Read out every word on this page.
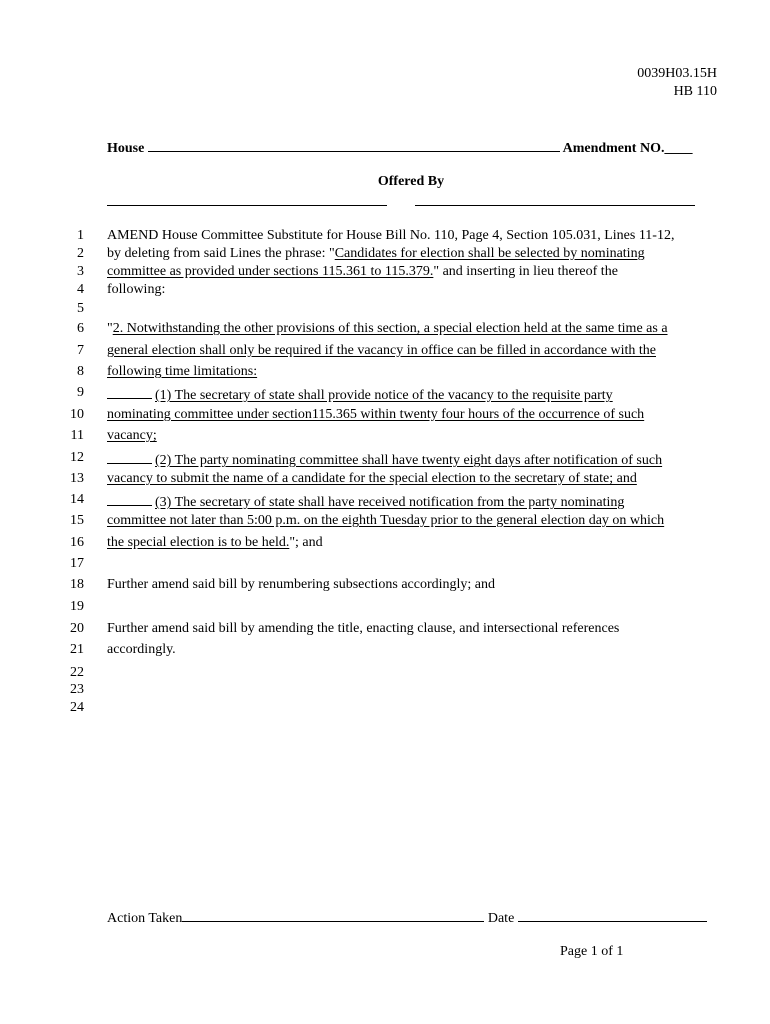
0039H03.15H
HB 110
House	Amendment NO.____
Offered By
1 AMEND House Committee Substitute for House Bill No. 110, Page 4, Section 105.031, Lines 11-12,
2 by deleting from said Lines the phrase: "Candidates for election shall be selected by nominating
3 committee as provided under sections 115.361 to 115.379." and inserting in lieu thereof the
4 following:
5
6 "2. Notwithstanding the other provisions of this section, a special election held at the same time as a
7 general election shall only be required if the vacancy in office can be filled in accordance with the
8 following time limitations:
9	(1) The secretary of state shall provide notice of the vacancy to the requisite party
10 nominating committee under section115.365 within twenty four hours of the occurrence of such
11 vacancy;
12	(2) The party nominating committee shall have twenty eight days after notification of such
13 vacancy to submit the name of a candidate for the special election to the secretary of state; and
14	(3) The secretary of state shall have received notification from the party nominating
15 committee not later than 5:00 p.m. on the eighth Tuesday prior to the general election day on which
16 the special election is to be held."; and
17
18 Further amend said bill by renumbering subsections accordingly; and
19
20 Further amend said bill by amending the title, enacting clause, and intersectional references
21 accordingly.
22
23
24
Action Taken	Date
Page 1 of 1
